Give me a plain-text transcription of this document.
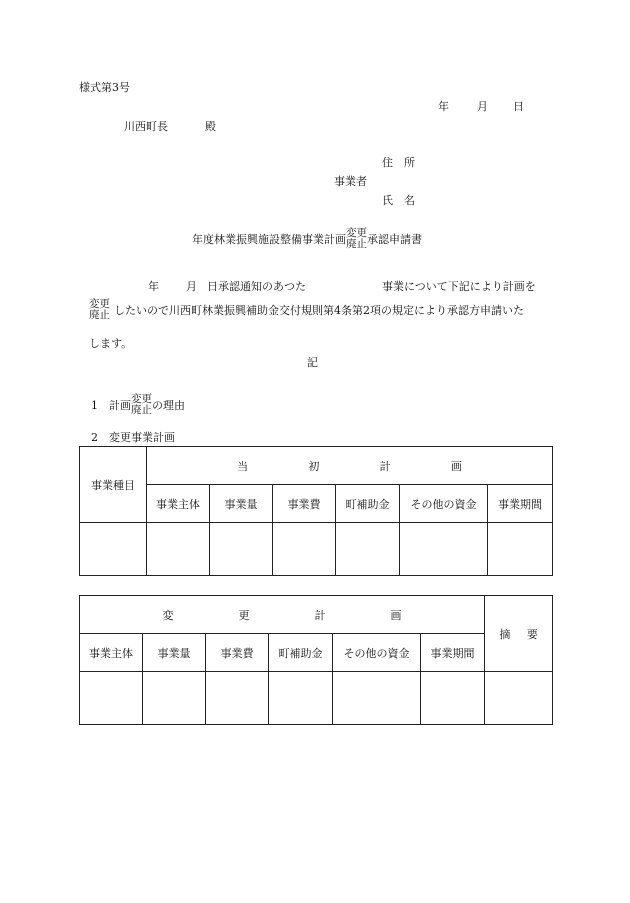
様式第3号
年	月 日
川西町長	殿
住　所
事業者
氏　名
年度林業振興施設整備事業計画 変更
廃止 承認申請書
年 月 日承認通知のあつた	事業について下記により計画を
変更
廃止 したいので川西町林業振興補助金交付規則第4条第2項の規定により承認方申請いた
します。
記
1　計画 変更
廃止 の理由
2　変更事業計画
事業種目	当 初 計 画					

	事業主体	事業量	事業費	町補助金	その他の資金	事業期間

変 更 計 画						摘 要

事業主体	事業量	事業費	町補助金	その他の資金	事業期間	
